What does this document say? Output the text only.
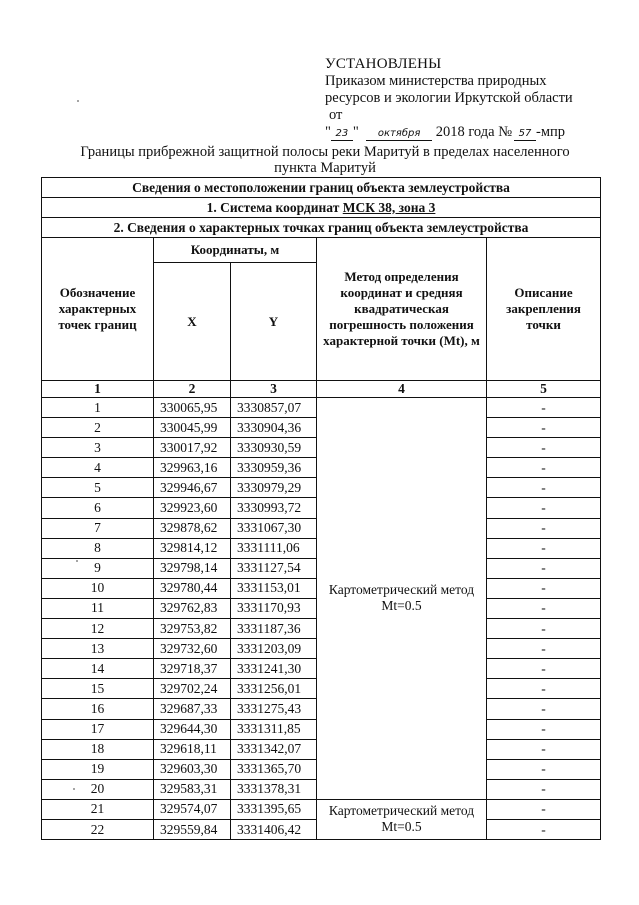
УСТАНОВЛЕНЫ
Приказом министерства природных
ресурсов и экологии Иркутской области
от
" 23 " октября 2018 года № 57 -мпр
Границы прибрежной защитной полосы реки Маритуй в пределах населенного пункта Маритуй
Сведения о местоположении границ объекта землеустройства				
1. Система координат МСК 38, зона 3				
2. Сведения о характерных точках границ объекта землеустройства				
Обозначение характерных точек границ	Координаты, м		Метод определения координат и средняя квадратическая погрешность положения характерной точки (Mt), м	Описание закрепления точки
	X	Y		
1	2	3	4	5
1	330065,95	3330857,07	Картометрический метод Mt=0.5	-
2	330045,99	3330904,36		-
3	330017,92	3330930,59		-
4	329963,16	3330959,36		-
5	329946,67	3330979,29		-
6	329923,60	3330993,72		-
7	329878,62	3331067,30		-
8	329814,12	3331111,06		-
9	329798,14	3331127,54		-
10	329780,44	3331153,01		-
11	329762,83	3331170,93		-
12	329753,82	3331187,36		-
13	329732,60	3331203,09		-
14	329718,37	3331241,30		-
15	329702,24	3331256,01		-
16	329687,33	3331275,43		-
17	329644,30	3331311,85		-
18	329618,11	3331342,07		-
19	329603,30	3331365,70		-
20	329583,31	3331378,31		-
21	329574,07	3331395,65	Картометрический метод Mt=0.5	-
22	329559,84	3331406,42		-
